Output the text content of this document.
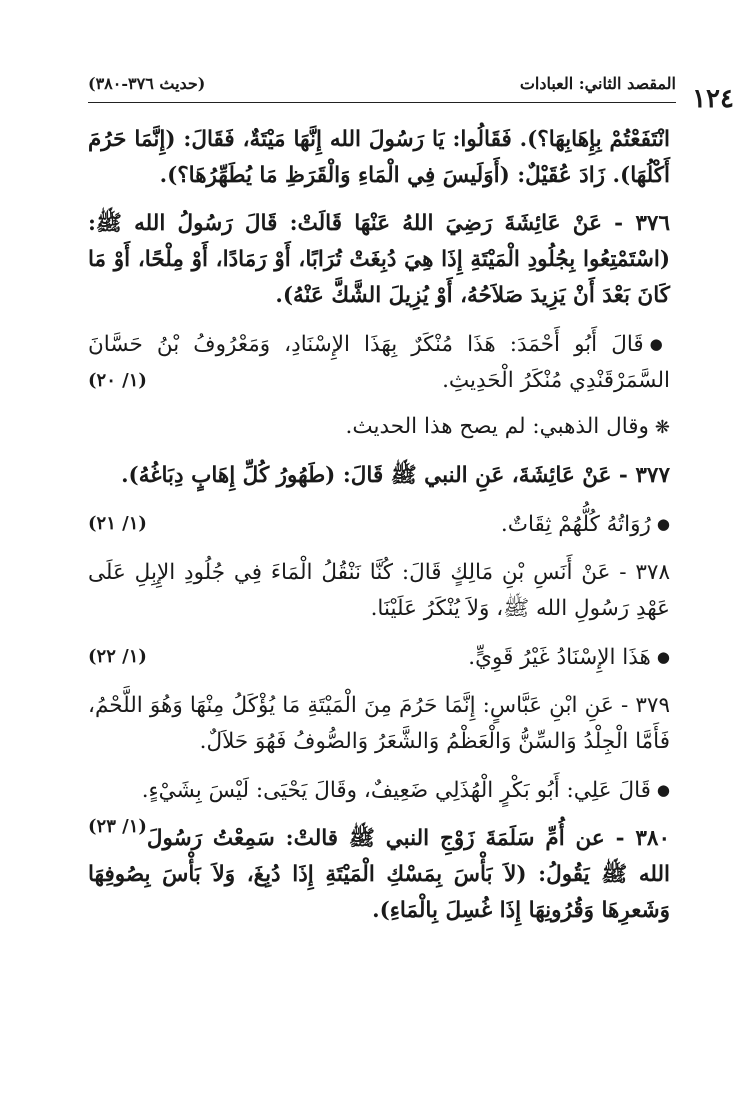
١٢٤
المقصد الثاني: العبادات
(حديث ٣٧٦-٣٨٠)

انْتَفَعْتُمْ بِإِهَابِهَا؟). فَقَالُوا: يَا رَسُولَ الله إِنَّهَا مَيْتَةٌ، فَقَالَ: (إِنَّمَا حَرُمَ أَكْلُهَا). زَادَ عُقَيْلٌ: (أَوَلَيسَ فِي الْمَاءِ وَالْقَرَظِ مَا يُطَهِّرُهَا؟).

٣٧٦ - عَنْ عَائِشَةَ رَضِيَ اللهُ عَنْهَا قَالَتْ: قَالَ رَسُولُ الله ﷺ: (اسْتَمْتِعُوا بِجُلُودِ الْمَيْتَةِ إِذَا هِيَ دُبِغَتْ تُرَابًا، أَوْ رَمَادًا، أَوْ مِلْحًا، أَوْ مَا كَانَ بَعْدَ أَنْ يَزِيدَ صَلاَحُهُ، أَوْ يُزِيلَ الشَّكَّ عَنْهُ).

●قَالَ أَبُو أَحْمَدَ: هَذَا مُنْكَرٌ بِهَذَا الإِسْنَادِ، وَمَعْرُوفُ بْنُ حَسَّانَ السَّمَرْقَنْدِي مُنْكَرُ الْحَدِيثِ.
(١/ ٢٠)

❋وقال الذهبي: لم يصح هذا الحديث.

٣٧٧ - عَنْ عَائِشَةَ، عَنِ النبي ﷺ قَالَ: (طَهُورُ كُلِّ إِهَابٍ دِبَاغُهُ).

●رُوَاتُهُ كُلُّهُمْ ثِقَاتٌ.
(١/ ٢١)

٣٧٨ - عَنْ أَنَسِ بْنِ مَالِكٍ قَالَ: كُنَّا نَنْقُلُ الْمَاءَ فِي جُلُودِ الإِبِلِ عَلَى عَهْدِ رَسُولِ الله ﷺ، وَلاَ يُنْكَرُ عَلَيْنَا.

●هَذَا الإِسْنَادُ غَيْرُ قَوِيٍّ.
(١/ ٢٢)

٣٧٩ - عَنِ ابْنِ عَبَّاسٍ: إِنَّمَا حَرُمَ مِنَ الْمَيْتَةِ مَا يُؤْكَلُ مِنْهَا وَهُوَ اللَّحْمُ، فَأَمَّا الْجِلْدُ وَالسِّنُّ وَالْعَظْمُ وَالشَّعَرُ وَالصُّوفُ فَهُوَ حَلاَلٌ.

●قَالَ عَلِي: أَبُو بَكْرٍ الْهُذَلِي ضَعِيفٌ، وقَالَ يَحْيَى: لَيْسَ بِشَيْءٍ.
(١/ ٢٣) ٣٨٠ - عن أُمِّ سَلَمَةَ زَوْجِ النبي ﷺ قالتْ: سَمِعْتُ رَسُولَ الله ﷺ يَقُولُ: (لاَ بَأْسَ بِمَسْكِ الْمَيْتَةِ إِذَا دُبِغَ، وَلاَ بَأْسَ بِصُوفِهَا وَشَعرِهَا وَقُرُونِهَا إِذَا غُسِلَ بِالْمَاءِ).
